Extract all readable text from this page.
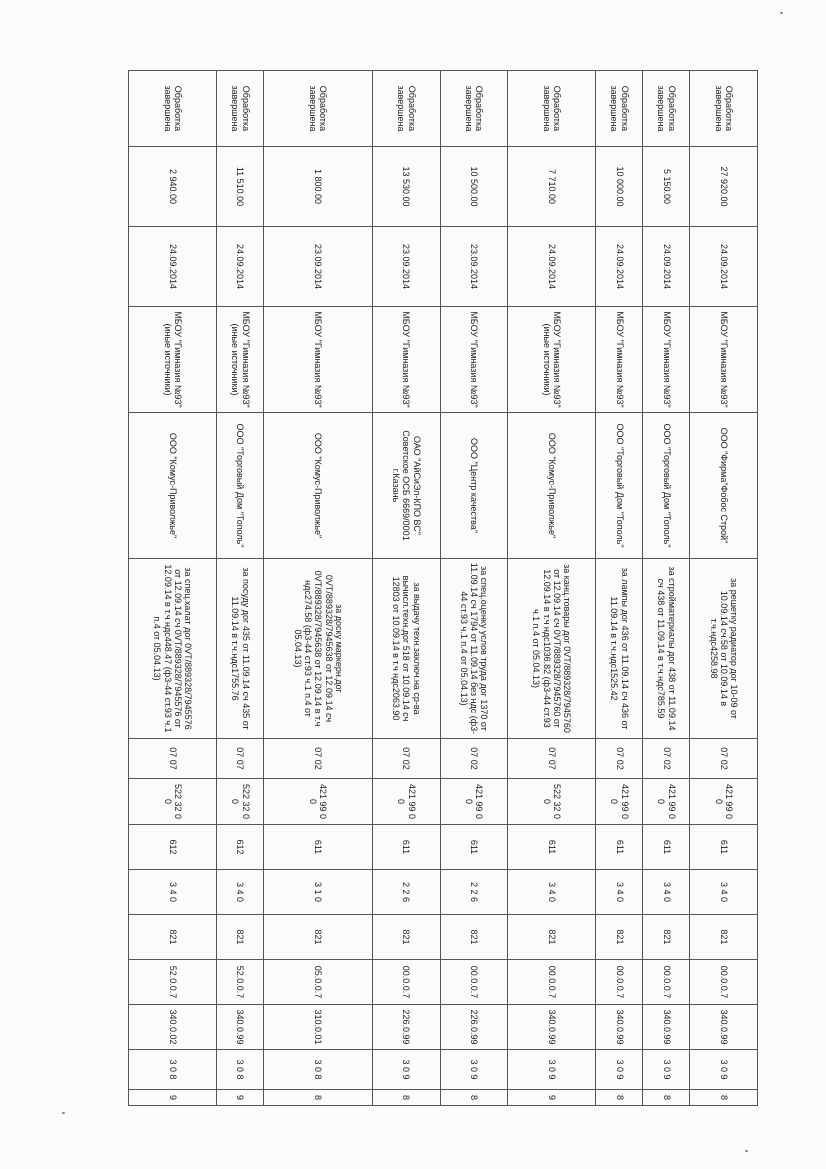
Обработка завершена	27 920.00	24.09.2014	МБОУ "Гимназия №93"	ООО "Фирма"Фобос Строй"	за решетку радиатор дог 10-09 от 10.09.14 сч.58 от 10.09.14 в т.ч.ндс4258.98	07 02	421 99 0 0	611	3 4 0	821	00.0.0.7	340.0.99	3 0 9	8
Обработка завершена	5 150.00	24.09.2014	МБОУ "Гимназия №93"	ООО "Торговый Дом "Тополь"	за стройматериалы дог 438 от 11.09.14 сч 438 от 11.09.14 в т.ч.ндс785.59	07 02	421 99 0 0	611	3 4 0	821	00.0.0.7	340.0.99	3 0 9	8
Обработка завершена	10 000.00	24.09.2014	МБОУ "Гимназия №93"	ООО "Торговый Дом "Тополь"	за лампы дог 436 от 11.09.14 сч 436 от 11.09.14 в т.ч.ндс1525.42	07 02	421 99 0 0	611	3 4 0	821	00.0.0.7	340.0.99	3 0 9	8
Обработка завершена	7 710.00	24.09.2014	МБОУ "Гимназия №93" (иные источники)	ООО "Комус-Приволжье"	за канц.товары дог 0VT/889328/7945760 от 12.09.14 сч 0VT/889328/7945760 от 12.09.14 в т.ч ндс1036.82 (ф3-44 ст.93 ч.1 п.4 от 05.04.13)	07 07	522 32 0 0	611	3 4 0	821	00.0.0.7	340.0.99	3 0 9	9
Обработка завершена	10 500.00	23.09.2014	МБОУ "Гимназия №93"	ООО "Центр качества"	за спец.оценку услов труда дог 1370 от 11.09.14 сч 1794 от 11.09.14 без ндс (ф3-44 ст.93 ч.1 п.4 от 05.04.13)	07 02	421 99 0 0	611	2 2 6	821	00.0.0.7	226.0.99	3 0 9	8
Обработка завершена	13 530.00	23.09.2014	МБОУ "Гимназия №93"	ОАО "АйСиЭл-КПО ВС" Советское ОСБ 6669/0001 г.Казань	за выдачу техн.заключ.на ср-ва вычисл.техн.дог 518 от 10.09.14 сч 12803 от 10.09.14 в т.ч ндс2063.90	07 02	421 99 0 0	611	2 2 6	821	00.0.0.7	226.0.99	3 0 9	8
Обработка завершена	1 800.00	23.09.2014	МБОУ "Гимназия №93"	ООО "Комус-Приволжье"	за доску маркерн.дог 0VT/889328/7945638 от 12.09.14 сч 0VT/889328/7945638 от 12.09.14 в т.ч ндс274.58 (ф3-44 ст.93 ч.1 п.4 от 05.04.13)	07 02	421 99 0 0	611	3 1 0	821	05.0.0.7	310.0.01	3 0 8	8
Обработка завершена	11 510.00	24.09.2014	МБОУ "Гимназия №93" (иные источники)	ООО "Торговый Дом "Тополь"	за посуду дог 435 от 11.09.14 сч 435 от 11.09.14 в т.ч.ндс1755.76	07 07	522 32 0 0	612	3 4 0	821	52.0.0.7	340.0.99	3 0 8	9
Обработка завершена	2 940.00	24.09.2014	МБОУ "Гимназия №93" (иные источники)	ООО "Комус-Приволжье"	за спец.халат дог 0VT/889328/7945576 от 12.09.14 сч 0VT/889328/7945576 от 12.09.14 в т.ч ндс448.47 (ф3-44 ст.93 ч.1 п.4 от 05.04.13)	07 07	522 32 0 0	612	3 4 0	821	52.0.0.7	340.0.02	3 0 8	9
